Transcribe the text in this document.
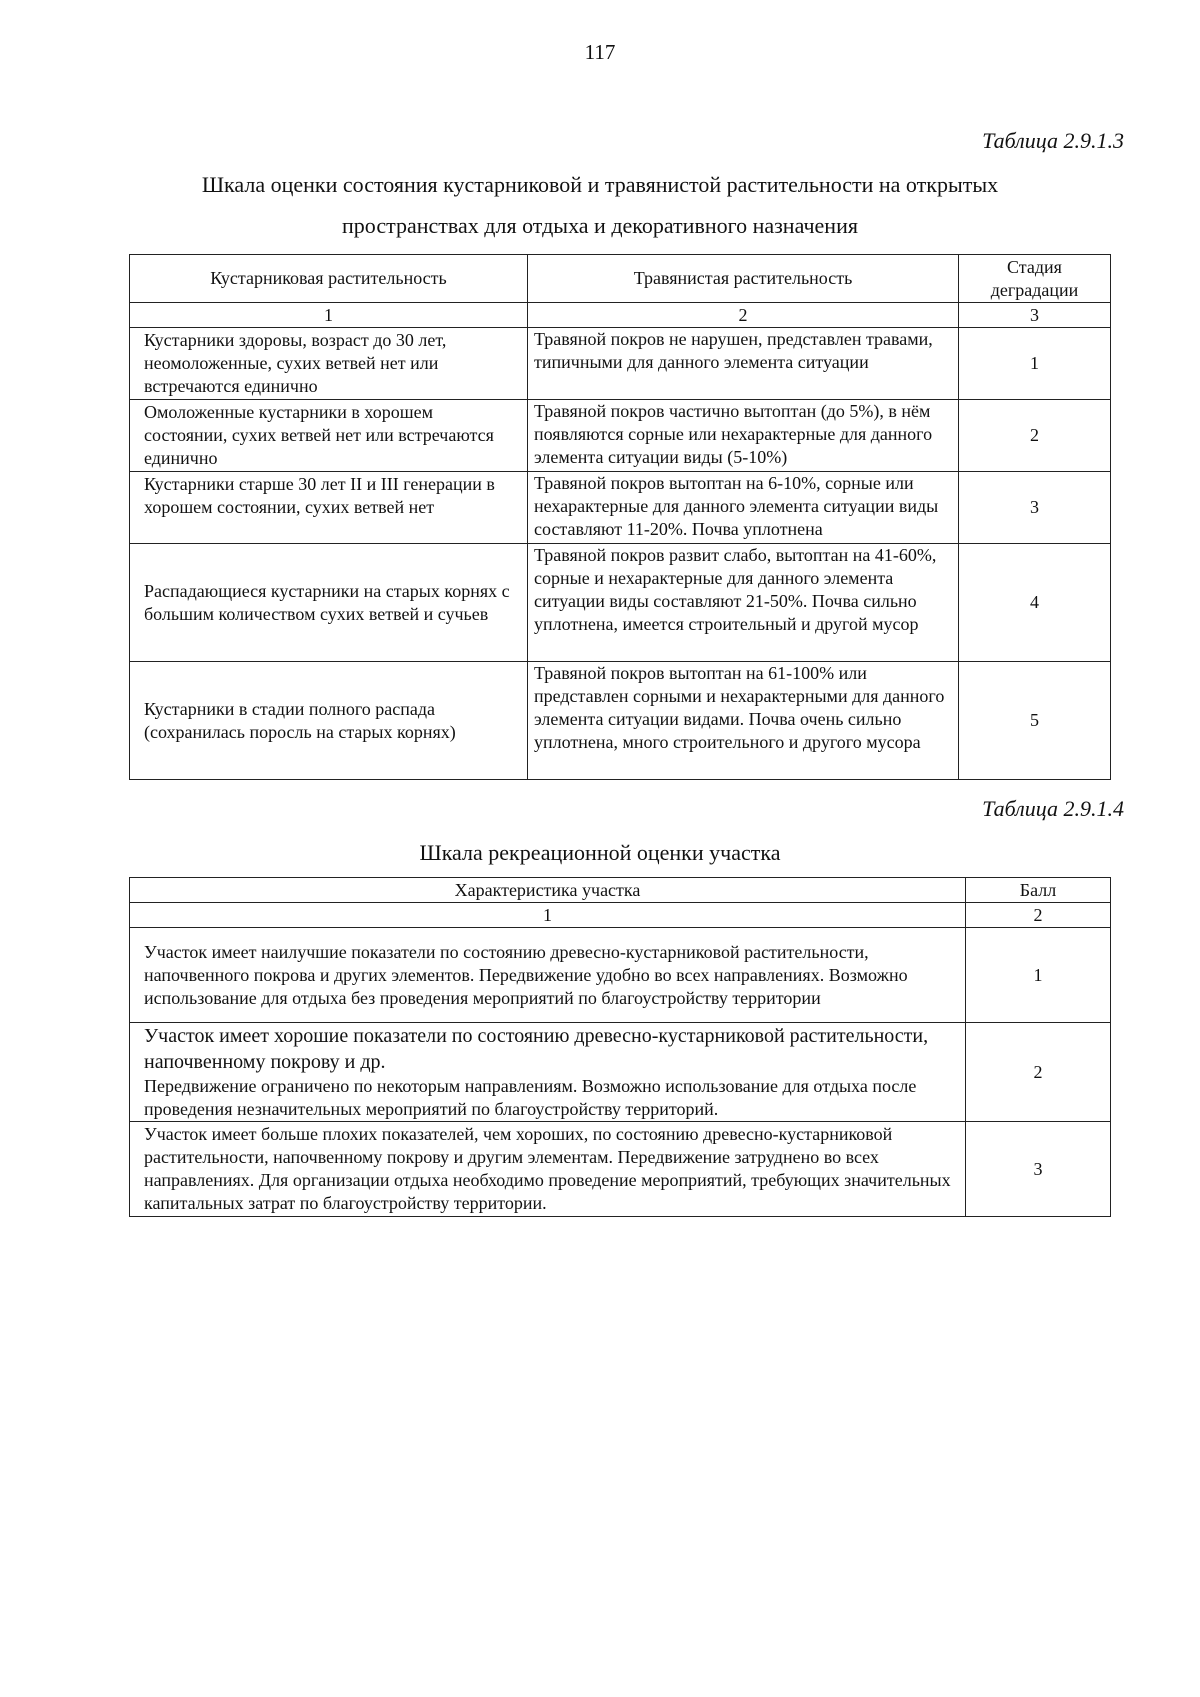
117
Таблица 2.9.1.3
Шкала оценки состояния кустарниковой и травянистой растительности на открытых
пространствах для отдыха и декоративного назначения
Кустарниковая растительность	Травянистая растительность	Стадия деградации
1	2	3
Кустарники здоровы, возраст до 30 лет, неомоложенные, сухих ветвей нет или встречаются единично	Травяной покров не нарушен, представлен травами, типичными для данного элемента ситуации	1
Омоложенные кустарники в хорошем состоянии, сухих ветвей нет или встречаются единично	Травяной покров частично вытоптан (до 5%), в нём появляются сорные или нехарактерные для данного элемента ситуации виды (5-10%)	2
Кустарники старше 30 лет II и III генерации в хорошем состоянии, сухих ветвей нет	Травяной покров вытоптан на 6-10%, сорные или нехарактерные для данного элемента ситуации виды составляют 11-20%. Почва уплотнена	3
Распадающиеся кустарники на старых корнях с большим количеством сухих ветвей и сучьев	Травяной покров развит слабо, вытоптан на 41-60%, сорные и нехарактерные для данного элемента ситуации виды составляют 21-50%. Почва сильно уплотнена, имеется строительный и другой мусор	4
Кустарники в стадии полного распада (сохранилась поросль на старых корнях)	Травяной покров вытоптан на 61-100% или представлен сорными и нехарактерными для данного элемента ситуации видами. Почва очень сильно уплотнена, много строительного и другого мусора	5
Таблица 2.9.1.4
Шкала рекреационной оценки участка
Характеристика участка	Балл
1	2
Участок имеет наилучшие показатели по состоянию древесно-кустарниковой растительности, напочвенного покрова и других элементов. Передвижение удобно во всех направлениях. Возможно использование для отдыха без проведения мероприятий по благоустройству территории	1

Участок имеет хорошие показатели по состоянию древесно-кустарниковой растительности, напочвенному покрову и др.
Передвижение ограничено по некоторым направлениям. Возможно использование для отдыха после проведения незначительных мероприятий по благоустройству территорий.	2
Участок имеет больше плохих показателей, чем хороших, по состоянию древесно-кустарниковой растительности, напочвенному покрову и другим элементам. Передвижение затруднено во всех направлениях. Для организации отдыха необходимо проведение мероприятий, требующих значительных капитальных затрат по благоустройству территории.	3
